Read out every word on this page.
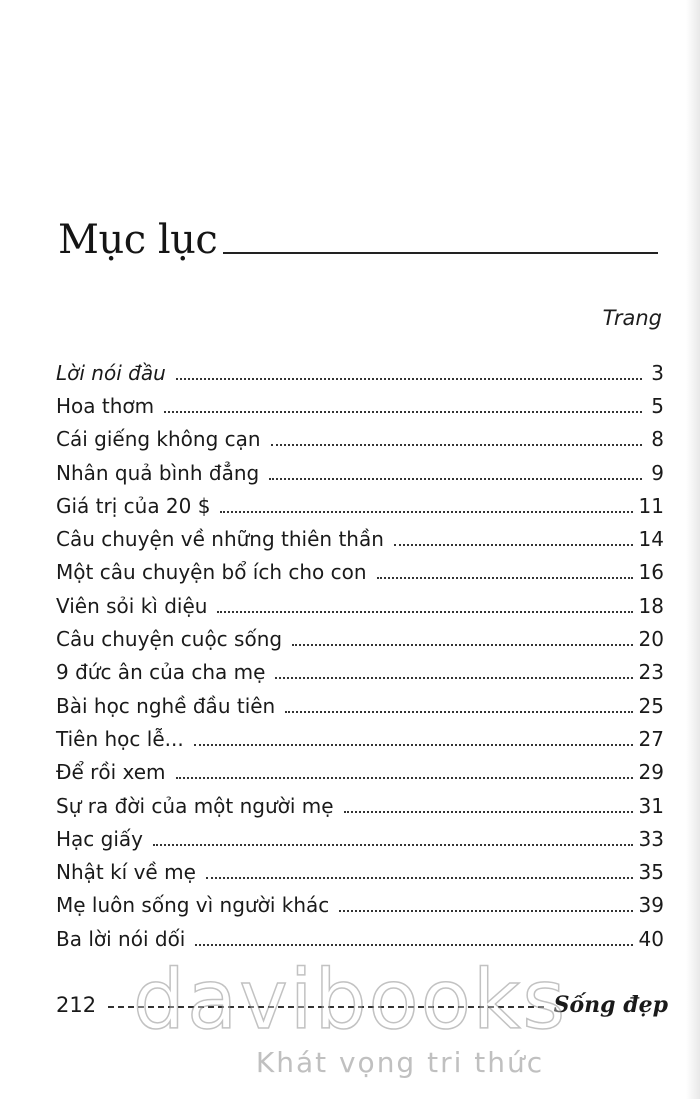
Mục lục
Trang
Lời nói đầu	3
Hoa thơm	5
Cái giếng không cạn	8
Nhân quả bình đẳng	9
Giá trị của 20 $	11
Câu chuyện về những thiên thần	14
Một câu chuyện bổ ích cho con	16
Viên sỏi kì diệu	18
Câu chuyện cuộc sống	20
9 đức ân của cha mẹ	23
Bài học nghề đầu tiên	25
Tiên học lễ...	27
Để rồi xem	29
Sự ra đời của một người mẹ	31
Hạc giấy	33
Nhật kí về mẹ	35
Mẹ luôn sống vì người khác	39
Ba lời nói dối	40
212	Sống đẹp
davibooks
Khát vọng tri thức
